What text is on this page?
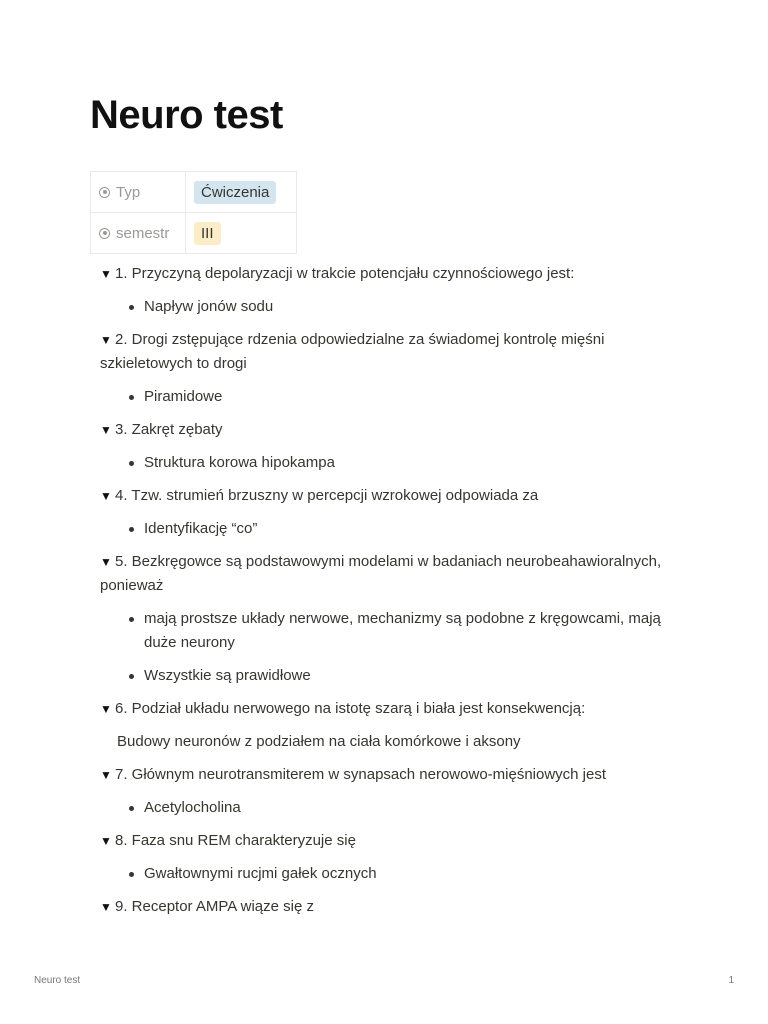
Neuro test
Typ	Ćwiczenia
semestr	III

▼ 1. Przyczyną depolaryzacji w trakcie potencjału czynnościowego jest:

Napływ jonów sodu

▼ 2. Drogi zstępujące rdzenia odpowiedzialne za świadomej kontrolę mięśni szkieletowych to drogi

Piramidowe

▼ 3. Zakręt zębaty

Struktura korowa hipokampa

▼ 4. Tzw. strumień brzuszny w percepcji wzrokowej odpowiada za

Identyfikację “co”

▼ 5. Bezkręgowce są podstawowymi modelami w badaniach neurobeahawioralnych, ponieważ

mają prostsze układy nerwowe, mechanizmy są podobne z kręgowcami, mają duże neurony
Wszystkie są prawidłowe

▼ 6. Podział układu nerwowego na istotę szarą i biała jest konsekwencją:

Budowy neuronów z podziałem na ciała komórkowe i aksony

▼ 7. Głównym neurotransmiterem w synapsach nerowowo-mięśniowych jest

Acetylocholina

▼ 8. Faza snu REM charakteryzuje się

Gwałtownymi rucjmi gałek ocznych

▼ 9. Receptor AMPA wiąze się z

Neuro test	1
